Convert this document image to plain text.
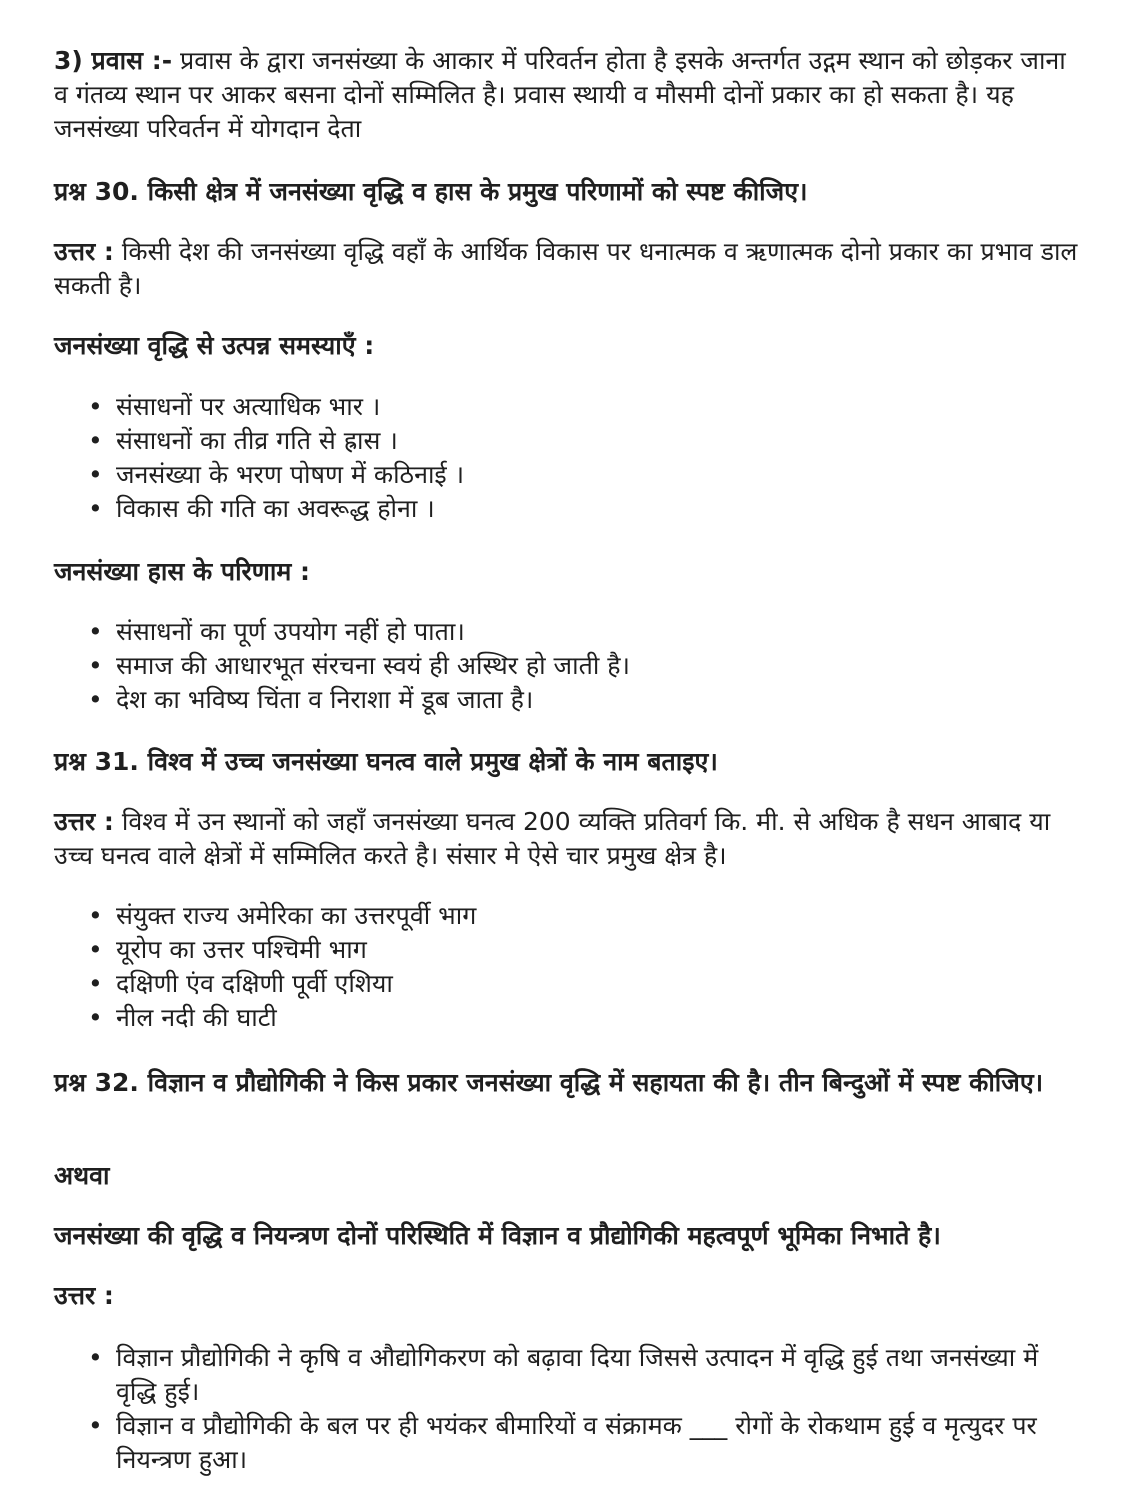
3) प्रवास :- प्रवास के द्वारा जनसंख्या के आकार में परिवर्तन होता है इसके अन्तर्गत उद्गम स्थान को छोड़कर जाना व गंतव्य स्थान पर आकर बसना दोनों सम्मिलित है। प्रवास स्थायी व मौसमी दोनों प्रकार का हो सकता है। यह जनसंख्या परिवर्तन में योगदान देता

प्रश्न 30. किसी क्षेत्र में जनसंख्या वृद्धि व हास के प्रमुख परिणामों को स्पष्ट कीजिए।

उत्तर : किसी देश की जनसंख्या वृद्धि वहाँ के आर्थिक विकास पर धनात्मक व ऋणात्मक दोनो प्रकार का प्रभाव डाल सकती है।

जनसंख्या वृद्धि से उत्पन्न समस्याएँ :

• संसाधनों पर अत्याधिक भार ।
• संसाधनों का तीव्र गति से ह्रास ।
• जनसंख्या के भरण पोषण में कठिनाई ।
• विकास की गति का अवरूद्ध होना ।

जनसंख्या हास के परिणाम :

• संसाधनों का पूर्ण उपयोग नहीं हो पाता।
• समाज की आधारभूत संरचना स्वयं ही अस्थिर हो जाती है।
• देश का भविष्य चिंता व निराशा में डूब जाता है।

प्रश्न 31. विश्व में उच्च जनसंख्या घनत्व वाले प्रमुख क्षेत्रों के नाम बताइए।

उत्तर : विश्व में उन स्थानों को जहाँ जनसंख्या घनत्व 200 व्यक्ति प्रतिवर्ग कि. मी. से अधिक है सधन आबाद या उच्च घनत्व वाले क्षेत्रों में सम्मिलित करते है। संसार मे ऐसे चार प्रमुख क्षेत्र है।

• संयुक्त राज्य अमेरिका का उत्तरपूर्वी भाग
• यूरोप का उत्तर पश्चिमी भाग
• दक्षिणी एंव दक्षिणी पूर्वी एशिया
• नील नदी की घाटी

प्रश्न 32. विज्ञान व प्रौद्योगिकी ने किस प्रकार जनसंख्या वृद्धि में सहायता की है। तीन बिन्दुओं में स्पष्ट कीजिए।

अथवा

जनसंख्या की वृद्धि व नियन्त्रण दोनों परिस्थिति में विज्ञान व प्रौद्योगिकी महत्वपूर्ण भूमिका निभाते है।

उत्तर :

• विज्ञान प्रौद्योगिकी ने कृषि व औद्योगिकरण को बढ़ावा दिया जिससे उत्पादन में वृद्धि हुई तथा जनसंख्या में वृद्धि हुई।
• विज्ञान व प्रौद्योगिकी के बल पर ही भयंकर बीमारियों व संक्रामक ___ रोगों के रोकथाम हुई व मृत्युदर पर नियन्त्रण हुआ।
